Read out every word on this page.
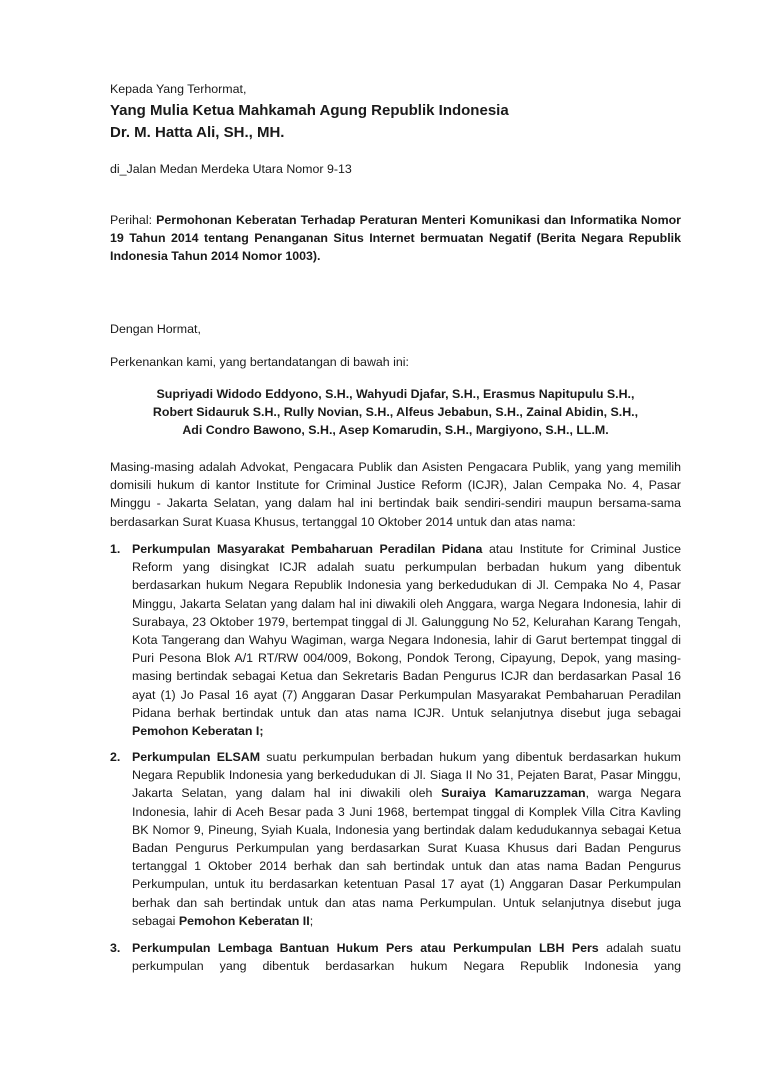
Kepada Yang Terhormat,

Yang Mulia Ketua Mahkamah Agung Republik Indonesia

Dr. M. Hatta Ali, SH., MH.

di_Jalan Medan Merdeka Utara Nomor 9-13

Perihal: Permohonan Keberatan Terhadap Peraturan Menteri Komunikasi dan Informatika Nomor 19 Tahun 2014 tentang Penanganan Situs Internet bermuatan Negatif (Berita Negara Republik Indonesia Tahun 2014 Nomor 1003).

Dengan Hormat,

Perkenankan kami, yang bertandatangan di bawah ini:

Supriyadi Widodo Eddyono, S.H., Wahyudi Djafar, S.H., Erasmus Napitupulu S.H.,

Robert Sidauruk S.H., Rully Novian, S.H., Alfeus Jebabun, S.H., Zainal Abidin, S.H.,

Adi Condro Bawono, S.H., Asep Komarudin, S.H., Margiyono, S.H., LL.M.

Masing-masing adalah Advokat, Pengacara Publik dan Asisten Pengacara Publik, yang yang memilih domisili hukum di kantor Institute for Criminal Justice Reform (ICJR), Jalan Cempaka No. 4, Pasar Minggu - Jakarta Selatan, yang dalam hal ini bertindak baik sendiri-sendiri maupun bersama-sama berdasarkan Surat Kuasa Khusus, tertanggal 10 Oktober 2014 untuk dan atas nama:

1. Perkumpulan Masyarakat Pembaharuan Peradilan Pidana atau Institute for Criminal Justice Reform yang disingkat ICJR adalah suatu perkumpulan berbadan hukum yang dibentuk berdasarkan hukum Negara Republik Indonesia yang berkedudukan di Jl. Cempaka No 4, Pasar Minggu, Jakarta Selatan yang dalam hal ini diwakili oleh Anggara, warga Negara Indonesia, lahir di Surabaya, 23 Oktober 1979, bertempat tinggal di Jl. Galunggung No 52, Kelurahan Karang Tengah, Kota Tangerang dan Wahyu Wagiman, warga Negara Indonesia, lahir di Garut bertempat tinggal di Puri Pesona Blok A/1 RT/RW 004/009, Bokong, Pondok Terong, Cipayung, Depok, yang masing-masing bertindak sebagai Ketua dan Sekretaris Badan Pengurus ICJR dan berdasarkan Pasal 16 ayat (1) Jo Pasal 16 ayat (7) Anggaran Dasar Perkumpulan Masyarakat Pembaharuan Peradilan Pidana berhak bertindak untuk dan atas nama ICJR. Untuk selanjutnya disebut juga sebagai Pemohon Keberatan I;

2. Perkumpulan ELSAM suatu perkumpulan berbadan hukum yang dibentuk berdasarkan hukum Negara Republik Indonesia yang berkedudukan di Jl. Siaga II No 31, Pejaten Barat, Pasar Minggu, Jakarta Selatan, yang dalam hal ini diwakili oleh Suraiya Kamaruzzaman, warga Negara Indonesia, lahir di Aceh Besar pada 3 Juni 1968, bertempat tinggal di Komplek Villa Citra Kavling BK Nomor 9, Pineung, Syiah Kuala, Indonesia yang bertindak dalam kedudukannya sebagai Ketua Badan Pengurus Perkumpulan yang berdasarkan Surat Kuasa Khusus dari Badan Pengurus tertanggal 1 Oktober 2014 berhak dan sah bertindak untuk dan atas nama Badan Pengurus Perkumpulan, untuk itu berdasarkan ketentuan Pasal 17 ayat (1) Anggaran Dasar Perkumpulan berhak dan sah bertindak untuk dan atas nama Perkumpulan. Untuk selanjutnya disebut juga sebagai Pemohon Keberatan II;

3. Perkumpulan Lembaga Bantuan Hukum Pers atau Perkumpulan LBH Pers adalah suatu perkumpulan yang dibentuk berdasarkan hukum Negara Republik Indonesia yang
